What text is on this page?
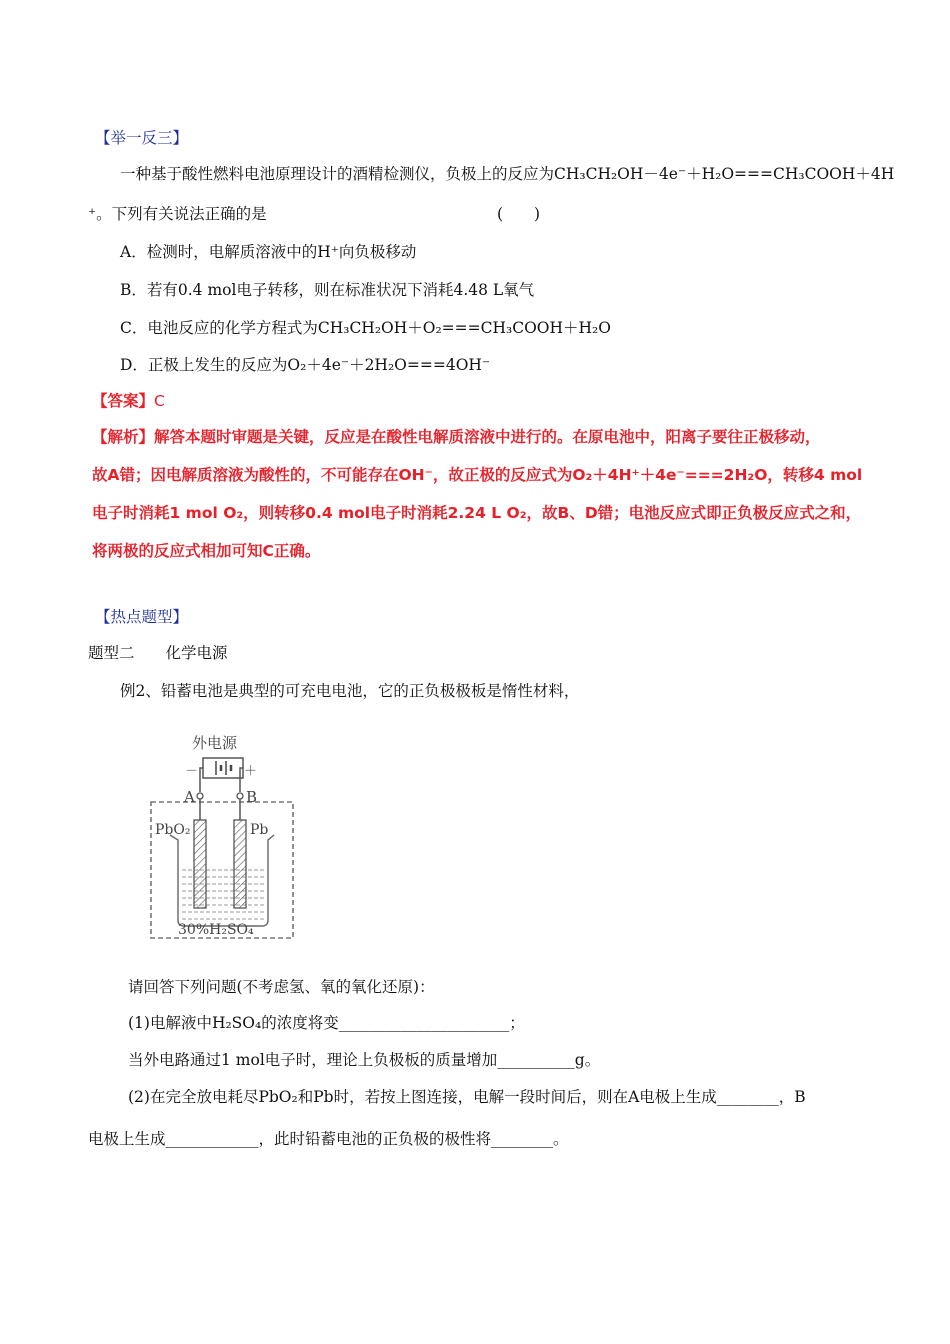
【举一反三】
一种基于酸性燃料电池原理设计的酒精检测仪，负极上的反应为CH₃CH₂OH－4e⁻＋H₂O===CH₃COOH＋4H
⁺。下列有关说法正确的是	(　　)
A．检测时，电解质溶液中的H⁺向负极移动
B．若有0.4 mol电子转移，则在标准状况下消耗4.48 L氧气
C．电池反应的化学方程式为CH₃CH₂OH＋O₂===CH₃COOH＋H₂O
D．正极上发生的反应为O₂＋4e⁻＋2H₂O===4OH⁻
【答案】C
【解析】解答本题时审题是关键，反应是在酸性电解质溶液中进行的。在原电池中，阳离子要往正极移动，
故A错；因电解质溶液为酸性的，不可能存在OH⁻，故正极的反应式为O₂＋4H⁺＋4e⁻===2H₂O，转移4 mol
电子时消耗1 mol O₂，则转移0.4 mol电子时消耗2.24 L O₂，故B、D错；电池反应式即正负极反应式之和，
将两极的反应式相加可知C正确。
【热点题型】
题型二　　化学电源
例2、铅蓄电池是典型的可充电电池，它的正负极极板是惰性材料，
外电源
－	＋
A	B
PbO₂	Pb
30%H₂SO₄
请回答下列问题(不考虑氢、氧的氧化还原)：
(1)电解液中H₂SO₄的浓度将变______________________；
当外电路通过1 mol电子时，理论上负极板的质量增加__________g。
(2)在完全放电耗尽PbO₂和Pb时，若按上图连接，电解一段时间后，则在A电极上生成________，B
电极上生成____________，此时铅蓄电池的正负极的极性将________。
